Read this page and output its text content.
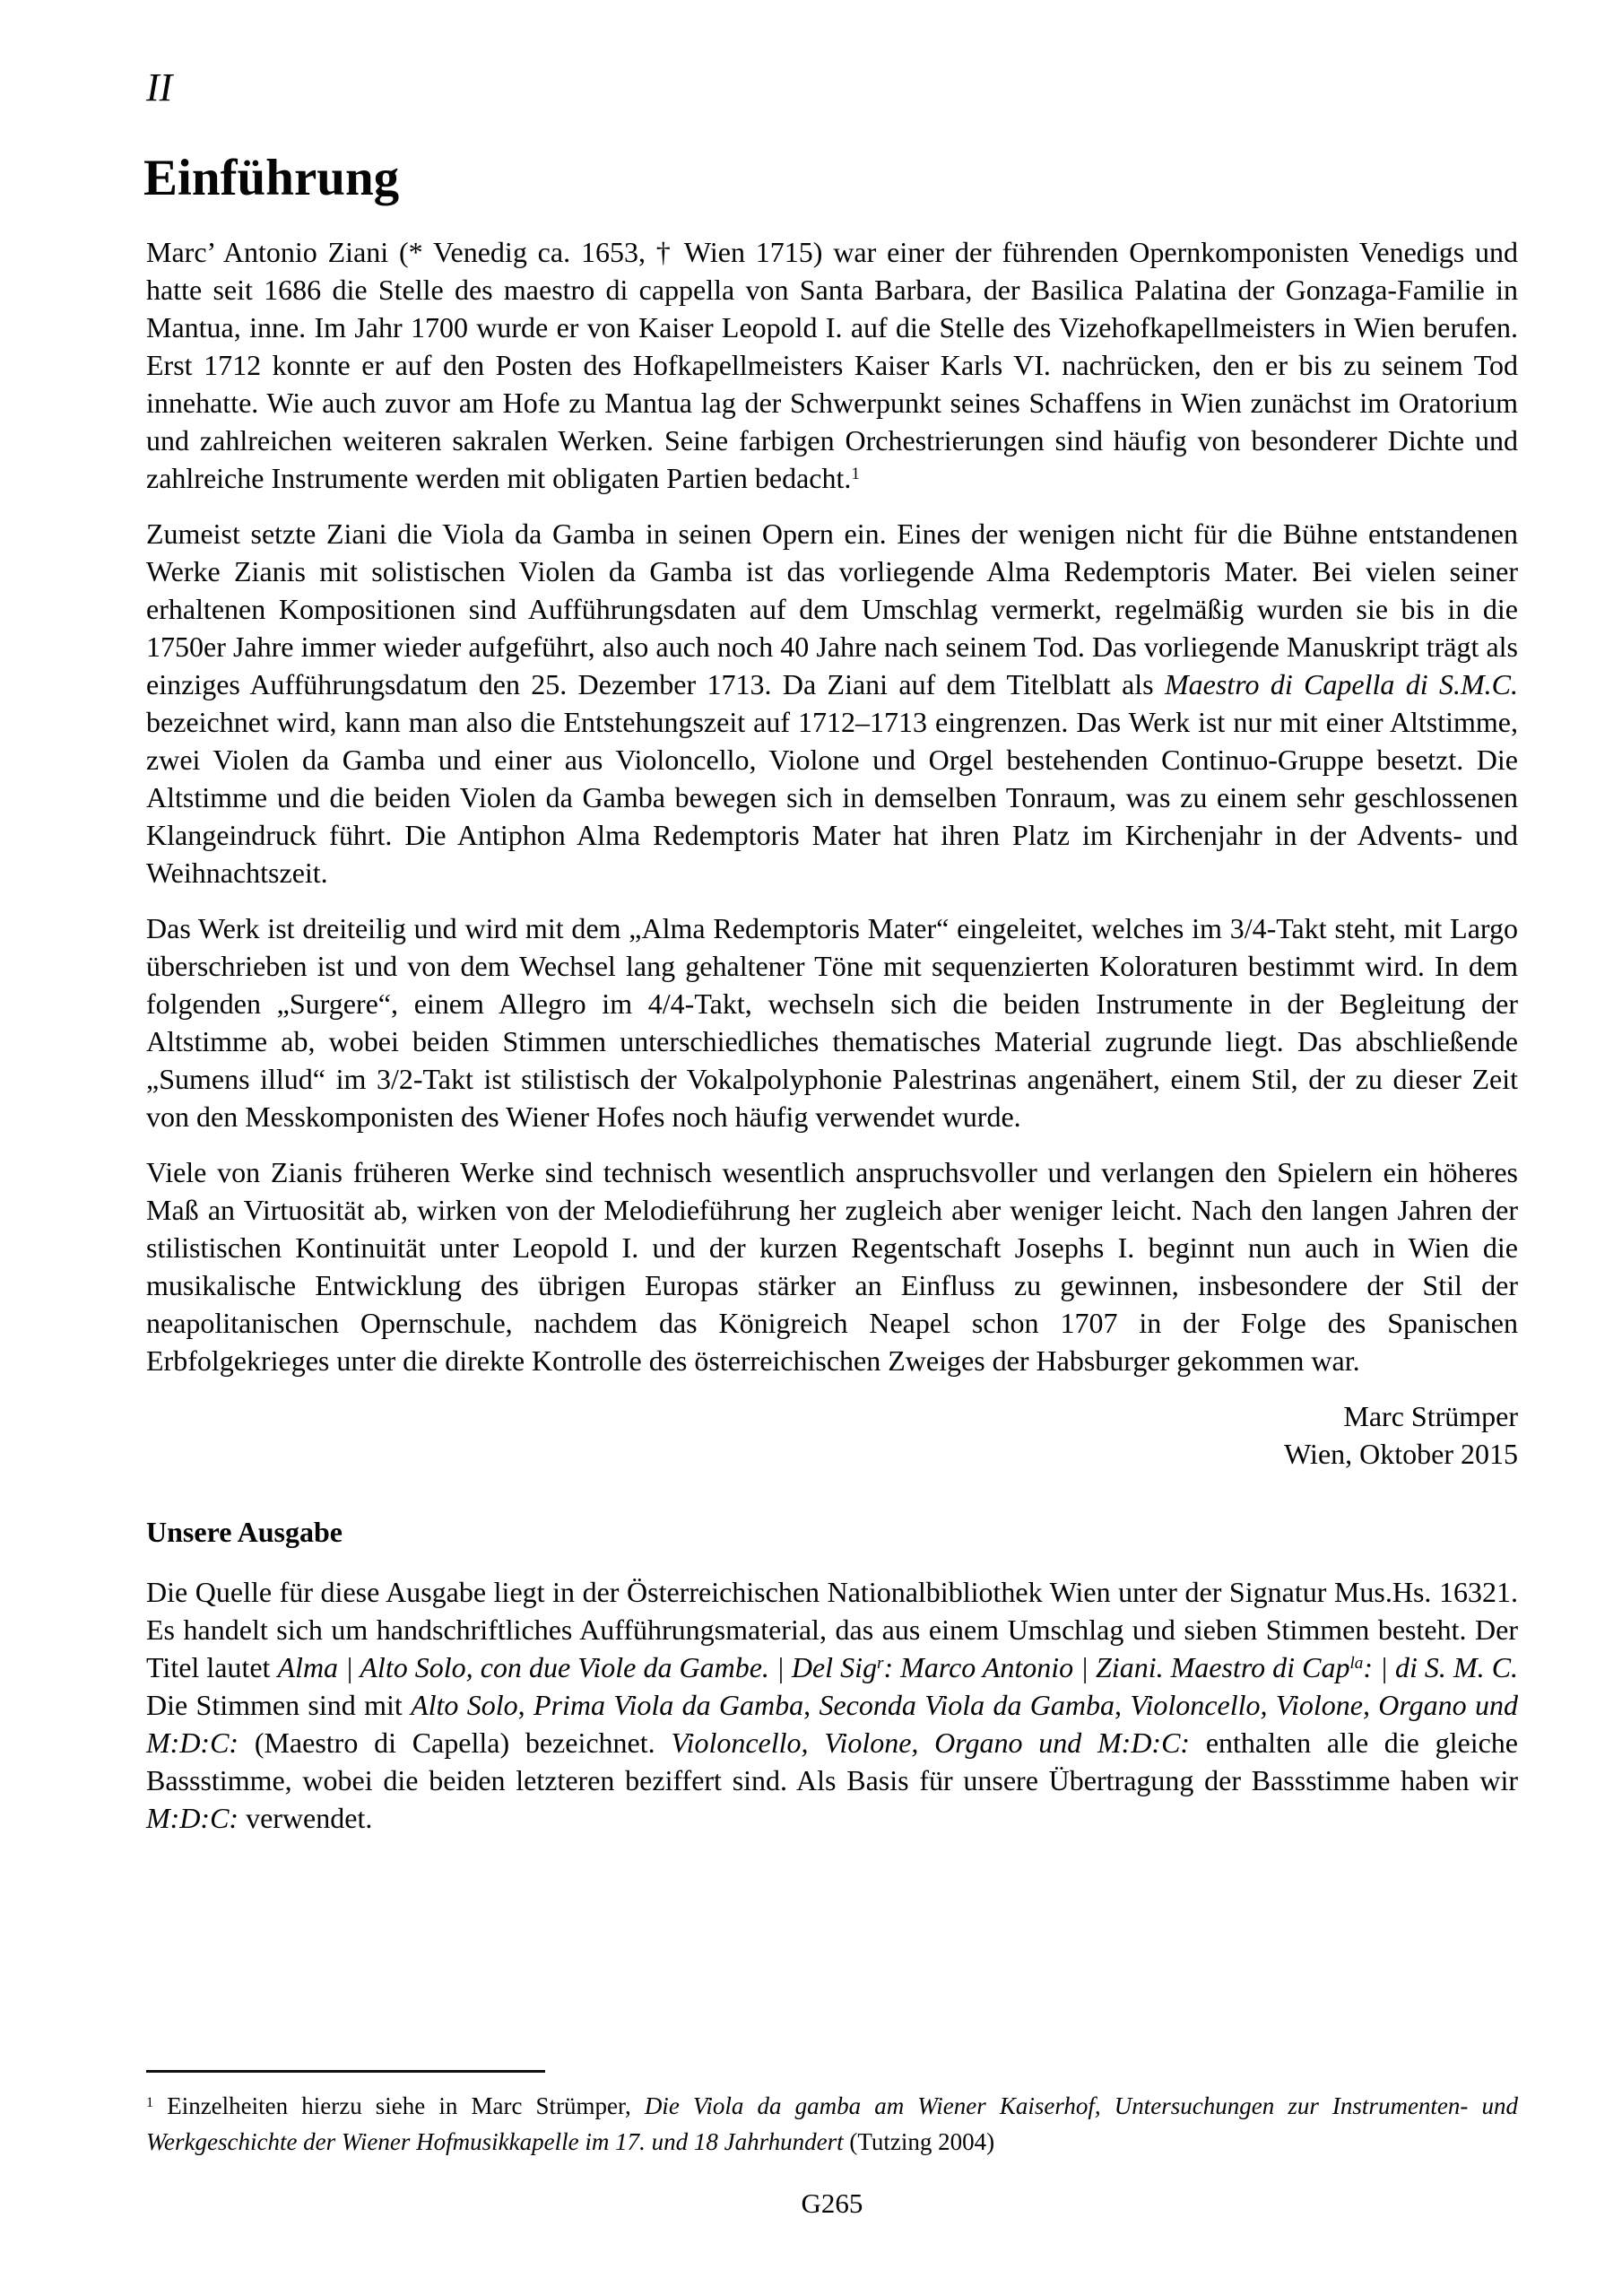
II
Einführung

Marc’ Antonio Ziani (* Venedig ca. 1653, † Wien 1715) war einer der führenden Opernkomponisten Venedigs und hatte seit 1686 die Stelle des maestro di cappella von Santa Barbara, der Basilica Palatina der Gonzaga-Familie in Mantua, inne. Im Jahr 1700 wurde er von Kaiser Leopold I. auf die Stelle des Vizehofkapellmeisters in Wien berufen. Erst 1712 konnte er auf den Posten des Hofkapellmeisters Kaiser Karls VI. nachrücken, den er bis zu seinem Tod innehatte. Wie auch zuvor am Hofe zu Mantua lag der Schwerpunkt seines Schaffens in Wien zunächst im Oratorium und zahlreichen weiteren sakralen Werken. Seine farbigen Orchestrierungen sind häufig von besonderer Dichte und zahlreiche Instrumente werden mit obligaten Partien bedacht.$^1$

Zumeist setzte Ziani die Viola da Gamba in seinen Opern ein. Eines der wenigen nicht für die Bühne entstandenen Werke Zianis mit solistischen Violen da Gamba ist das vorliegende Alma Redemptoris Mater. Bei vielen seiner erhaltenen Kompositionen sind Aufführungsdaten auf dem Umschlag vermerkt, regelmäßig wurden sie bis in die 1750er Jahre immer wieder aufgeführt, also auch noch 40 Jahre nach seinem Tod. Das vorliegende Manuskript trägt als einziges Aufführungsdatum den 25. Dezember 1713. Da Ziani auf dem Titelblatt als Maestro di Capella di S.M.C. bezeichnet wird, kann man also die Entstehungszeit auf 1712–1713 eingrenzen. Das Werk ist nur mit einer Altstimme, zwei Violen da Gamba und einer aus Violoncello, Violone und Orgel bestehenden Continuo-Gruppe besetzt. Die Altstimme und die beiden Violen da Gamba bewegen sich in demselben Tonraum, was zu einem sehr geschlossenen Klangeindruck führt. Die Antiphon Alma Redemptoris Mater hat ihren Platz im Kirchenjahr in der Advents- und Weihnachtszeit.

Das Werk ist dreiteilig und wird mit dem „Alma Redemptoris Mater“ eingeleitet, welches im 3/4-Takt steht, mit Largo überschrieben ist und von dem Wechsel lang gehaltener Töne mit sequenzierten Koloraturen bestimmt wird. In dem folgenden „Surgere“, einem Allegro im 4/4-Takt, wechseln sich die beiden Instrumente in der Begleitung der Altstimme ab, wobei beiden Stimmen unterschiedliches thematisches Material zugrunde liegt. Das abschließende „Sumens illud“ im 3/2-Takt ist stilistisch der Vokalpolyphonie Palestrinas angenähert, einem Stil, der zu dieser Zeit von den Messkomponisten des Wiener Hofes noch häufig verwendet wurde.

Viele von Zianis früheren Werke sind technisch wesentlich anspruchsvoller und verlangen den Spielern ein höheres Maß an Virtuosität ab, wirken von der Melodieführung her zugleich aber weniger leicht. Nach den langen Jahren der stilistischen Kontinuität unter Leopold I. und der kurzen Regentschaft Josephs I. beginnt nun auch in Wien die musikalische Entwicklung des übrigen Europas stärker an Einfluss zu gewinnen, insbesondere der Stil der neapolitanischen Opernschule, nachdem das Königreich Neapel schon 1707 in der Folge des Spanischen Erbfolgekrieges unter die direkte Kontrolle des österreichischen Zweiges der Habsburger gekommen war.

Marc Strümper
Wien, Oktober 2015
Unsere Ausgabe

Die Quelle für diese Ausgabe liegt in der Österreichischen Nationalbibliothek Wien unter der Signatur Mus.Hs. 16321. Es handelt sich um handschriftliches Aufführungsmaterial, das aus einem Umschlag und sieben Stimmen besteht. Der Titel lautet Alma | Alto Solo, con due Viole da Gambe. | Del Sig$^r$: Marco Antonio | Ziani. Maestro di Cap$^{la}$: | di S. M. C. Die Stimmen sind mit Alto Solo, Prima Viola da Gamba, Seconda Viola da Gamba, Violoncello, Violone, Organo und M:D:C: (Maestro di Capella) bezeichnet. Violoncello, Violone, Organo und M:D:C: enthalten alle die gleiche Bassstimme, wobei die beiden letzteren beziffert sind. Als Basis für unsere Übertragung der Bassstimme haben wir M:D:C: verwendet.

$^1$ Einzelheiten hierzu siehe in Marc Strümper, Die Viola da gamba am Wiener Kaiserhof, Untersuchungen zur Instrumenten- und Werkgeschichte der Wiener Hofmusikkapelle im 17. und 18 Jahrhundert (Tutzing 2004)

G265
